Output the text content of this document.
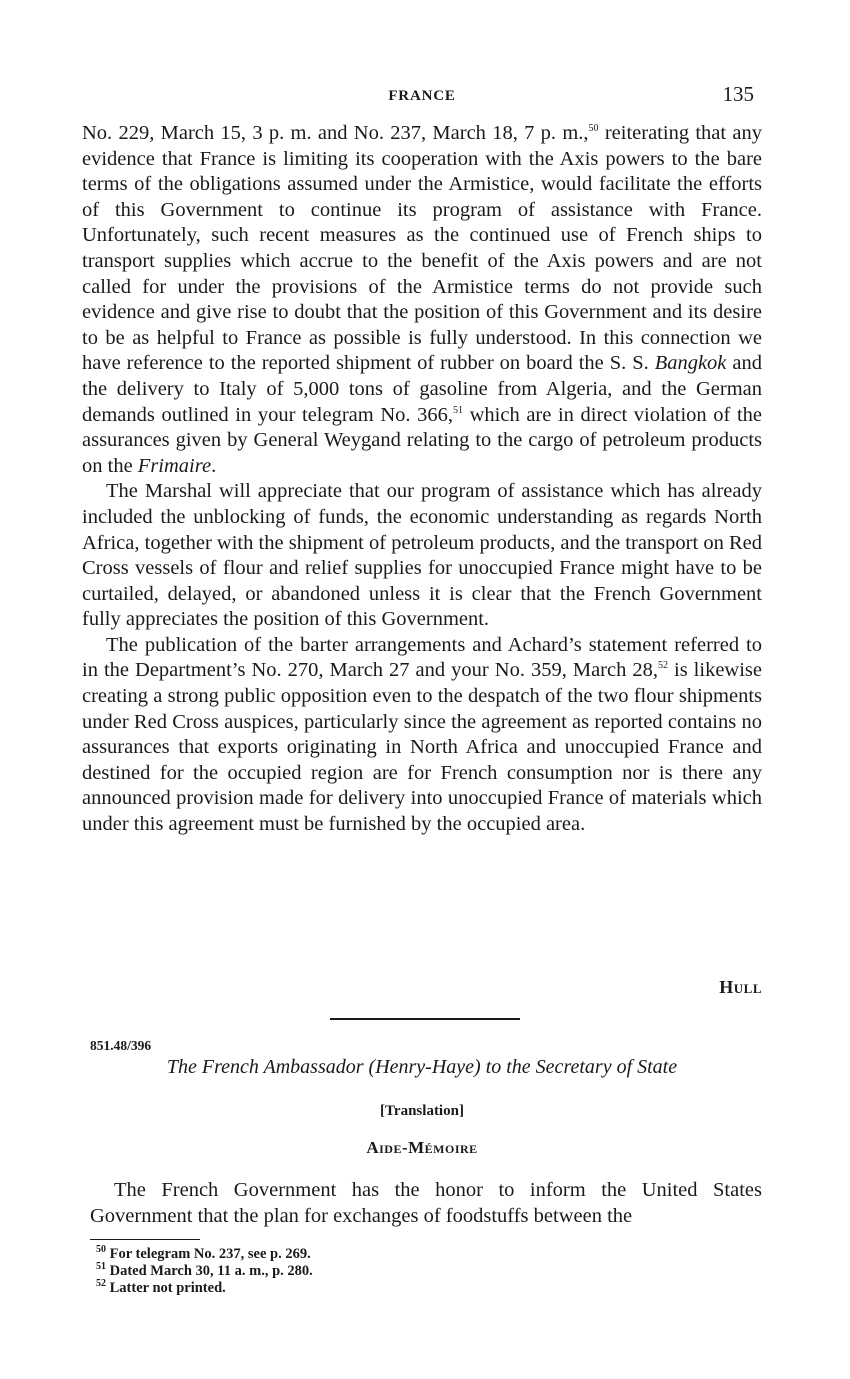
FRANCE	135

No. 229, March 15, 3 p. m. and No. 237, March 18, 7 p. m.,$^{50}$ reiterating that any evidence that France is limiting its cooperation with the Axis powers to the bare terms of the obligations assumed under the Armistice, would facilitate the efforts of this Government to continue its program of assistance with France. Unfortunately, such recent measures as the continued use of French ships to transport supplies which accrue to the benefit of the Axis powers and are not called for under the provisions of the Armistice terms do not provide such evidence and give rise to doubt that the position of this Government and its desire to be as helpful to France as possible is fully understood. In this connection we have reference to the reported shipment of rubber on board the S. S. Bangkok and the delivery to Italy of 5,000 tons of gasoline from Algeria, and the German demands outlined in your telegram No. 366,51 which are in direct violation of the assurances given by General Weygand relating to the cargo of petroleum products on the Frimaire.

The Marshal will appreciate that our program of assistance which has already included the unblocking of funds, the economic understanding as regards North Africa, together with the shipment of petroleum products, and the transport on Red Cross vessels of flour and relief supplies for unoccupied France might have to be curtailed, delayed, or abandoned unless it is clear that the French Government fully appreciates the position of this Government.

The publication of the barter arrangements and Achard’s statement referred to in the Department’s No. 270, March 27 and your No. 359, March 28,52 is likewise creating a strong public opposition even to the despatch of the two flour shipments under Red Cross auspices, particularly since the agreement as reported contains no assurances that exports originating in North Africa and unoccupied France and destined for the occupied region are for French consumption nor is there any announced provision made for delivery into unoccupied France of materials which under this agreement must be furnished by the occupied area.

Hull
851.48/396
The French Ambassador (Henry-Haye) to the Secretary of State
[Translation]
Aide-Mémoire

The French Government has the honor to inform the United States Government that the plan for exchanges of foodstuffs between the

$^{50}$ For telegram No. 237, see p. 269.
$^{51}$ Dated March 30, 11 a. m., p. 280.
$^{52}$ Latter not printed.
